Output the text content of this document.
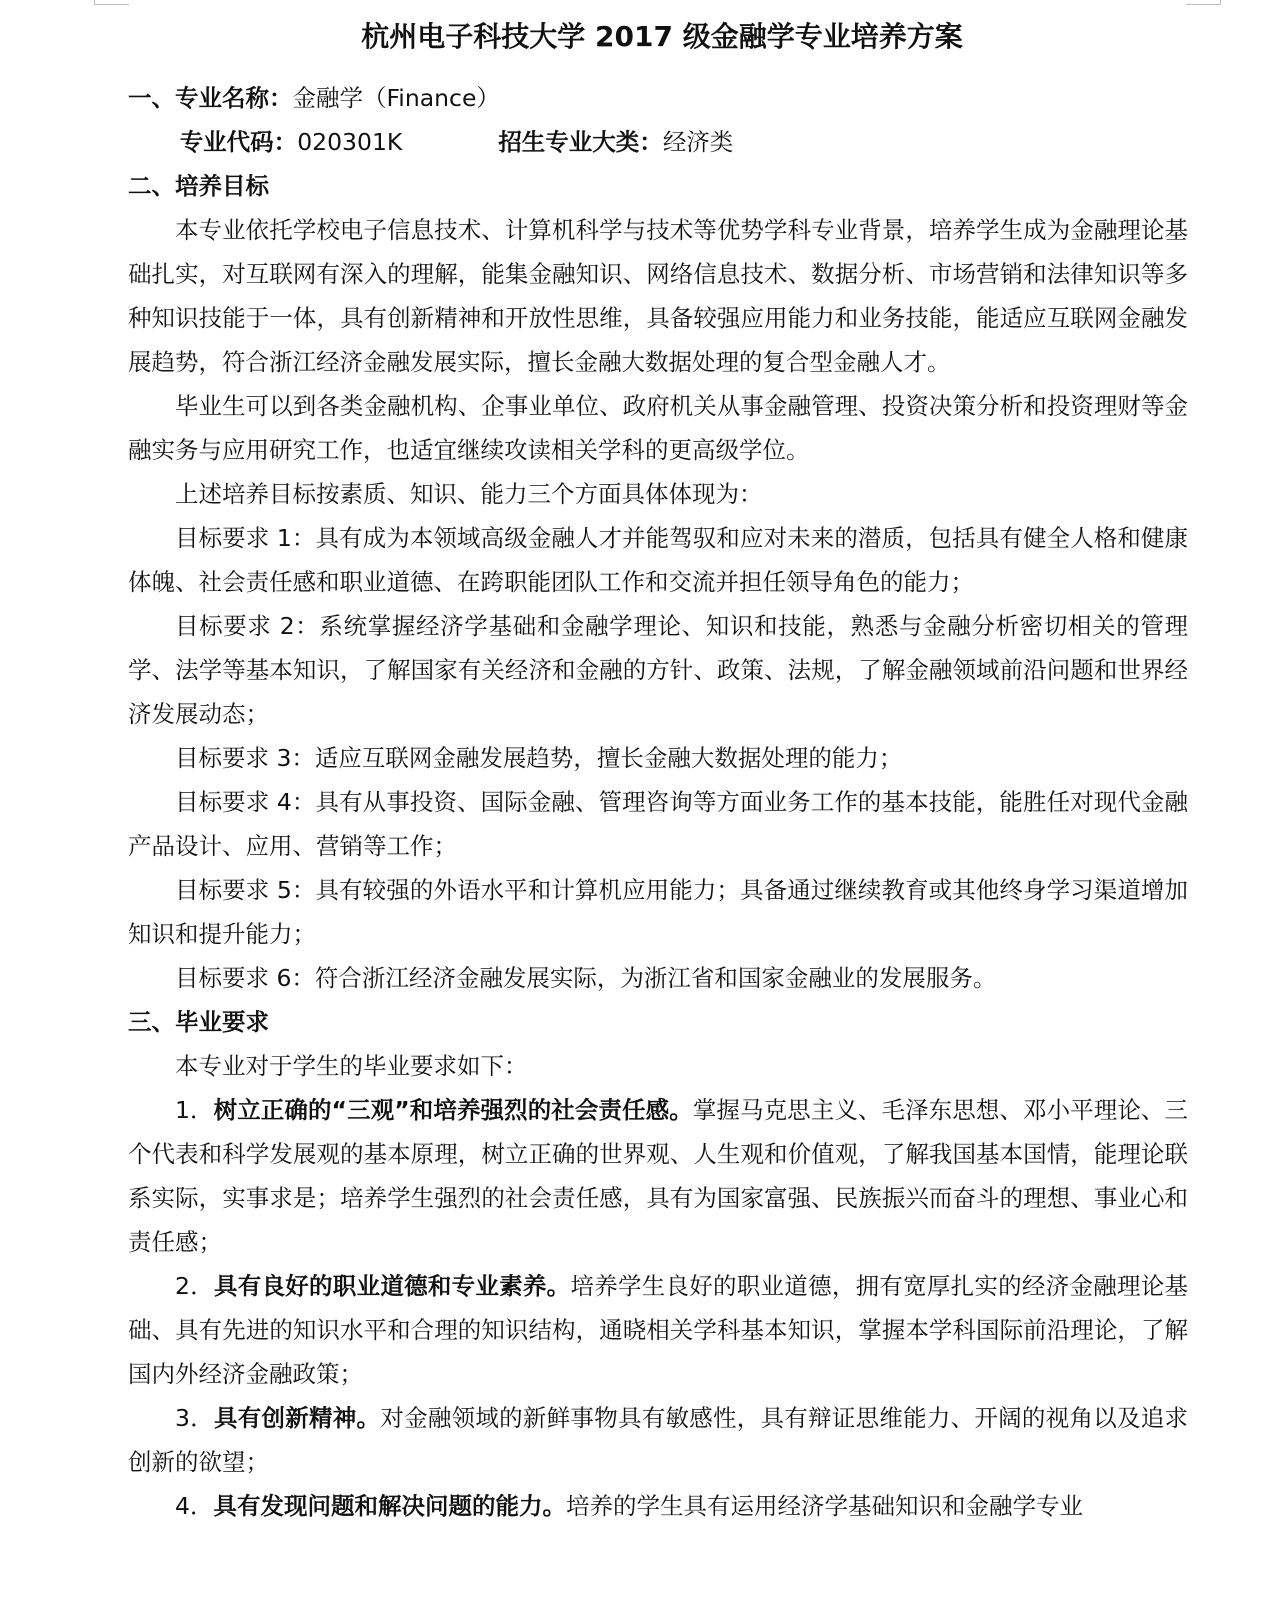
杭州电子科技大学 2017 级金融学专业培养方案
一、专业名称：金融学（Finance）
专业代码：020301K	招生专业大类：经济类
二、培养目标

本专业依托学校电子信息技术、计算机科学与技术等优势学科专业背景，培养学生成为金融理论基础扎实，对互联网有深入的理解，能集金融知识、网络信息技术、数据分析、市场营销和法律知识等多种知识技能于一体，具有创新精神和开放性思维，具备较强应用能力和业务技能，能适应互联网金融发展趋势，符合浙江经济金融发展实际，擅长金融大数据处理的复合型金融人才。

毕业生可以到各类金融机构、企事业单位、政府机关从事金融管理、投资决策分析和投资理财等金融实务与应用研究工作，也适宜继续攻读相关学科的更高级学位。

上述培养目标按素质、知识、能力三个方面具体体现为：

目标要求 1：具有成为本领域高级金融人才并能驾驭和应对未来的潜质，包括具有健全人格和健康体魄、社会责任感和职业道德、在跨职能团队工作和交流并担任领导角色的能力；

目标要求 2：系统掌握经济学基础和金融学理论、知识和技能，熟悉与金融分析密切相关的管理学、法学等基本知识，了解国家有关经济和金融的方针、政策、法规，了解金融领域前沿问题和世界经济发展动态；

目标要求 3：适应互联网金融发展趋势，擅长金融大数据处理的能力；

目标要求 4：具有从事投资、国际金融、管理咨询等方面业务工作的基本技能，能胜任对现代金融产品设计、应用、营销等工作；

目标要求 5：具有较强的外语水平和计算机应用能力；具备通过继续教育或其他终身学习渠道增加知识和提升能力；

目标要求 6：符合浙江经济金融发展实际，为浙江省和国家金融业的发展服务。

三、毕业要求

本专业对于学生的毕业要求如下：

1．树立正确的“三观”和培养强烈的社会责任感。掌握马克思主义、毛泽东思想、邓小平理论、三个代表和科学发展观的基本原理，树立正确的世界观、人生观和价值观，了解我国基本国情，能理论联系实际，实事求是；培养学生强烈的社会责任感，具有为国家富强、民族振兴而奋斗的理想、事业心和责任感；

2．具有良好的职业道德和专业素养。培养学生良好的职业道德，拥有宽厚扎实的经济金融理论基础、具有先进的知识水平和合理的知识结构，通晓相关学科基本知识，掌握本学科国际前沿理论，了解国内外经济金融政策；

3．具有创新精神。对金融领域的新鲜事物具有敏感性，具有辩证思维能力、开阔的视角以及追求创新的欲望；

4．具有发现问题和解决问题的能力。培养的学生具有运用经济学基础知识和金融学专业
